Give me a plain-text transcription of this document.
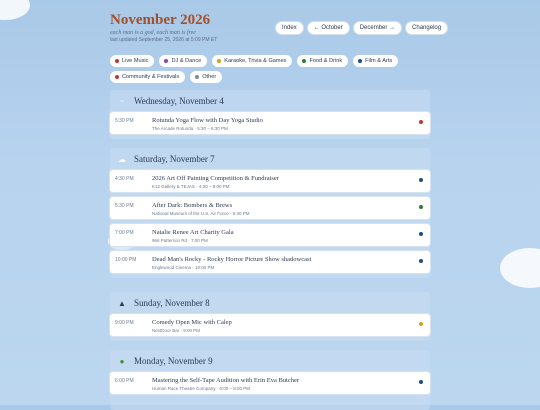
November 2026
each man is a god, each man is free
last updated September 25, 2026 at 5:09 PM ET
Index	← October	December →	Changelog
Live Music	DJ & Dance	Karaoke, Trivia & Games	Food & Drink	Film & Arts
Community & Festivals	Other
~	Wednesday, November 4
5:30 PM	Rotunda Yoga Flow with Day Yoga Studio
The Arcade Rotunda · 5:30 – 6:30 PM
☁ Saturday, November 7
4:30 PM	2026 Art Off Painting Competition & Fundraiser
K12 Gallery & TEJAS · 4:30 – 9:00 PM
5:30 PM	After Dark: Bombers & Brews
National Museum of the U.S. Air Force · 5:30 PM
7:00 PM	Natalie Renee Art Charity Gala
966 Patterson Rd · 7:00 PM
10:00 PM Dead Man's Rocky - Rocky Horror Picture Show shadowcast
Englewood Cinema · 10:00 PM
▲ Sunday, November 8
9:00 PM	Comedy Open Mic with Calep
NextDoor Bar · 9:00 PM
●	Monday, November 9
6:00 PM	Mastering the Self-Tape Audition with Erin Eva Butcher
Human Race Theatre Company · 6:00 – 8:00 PM
